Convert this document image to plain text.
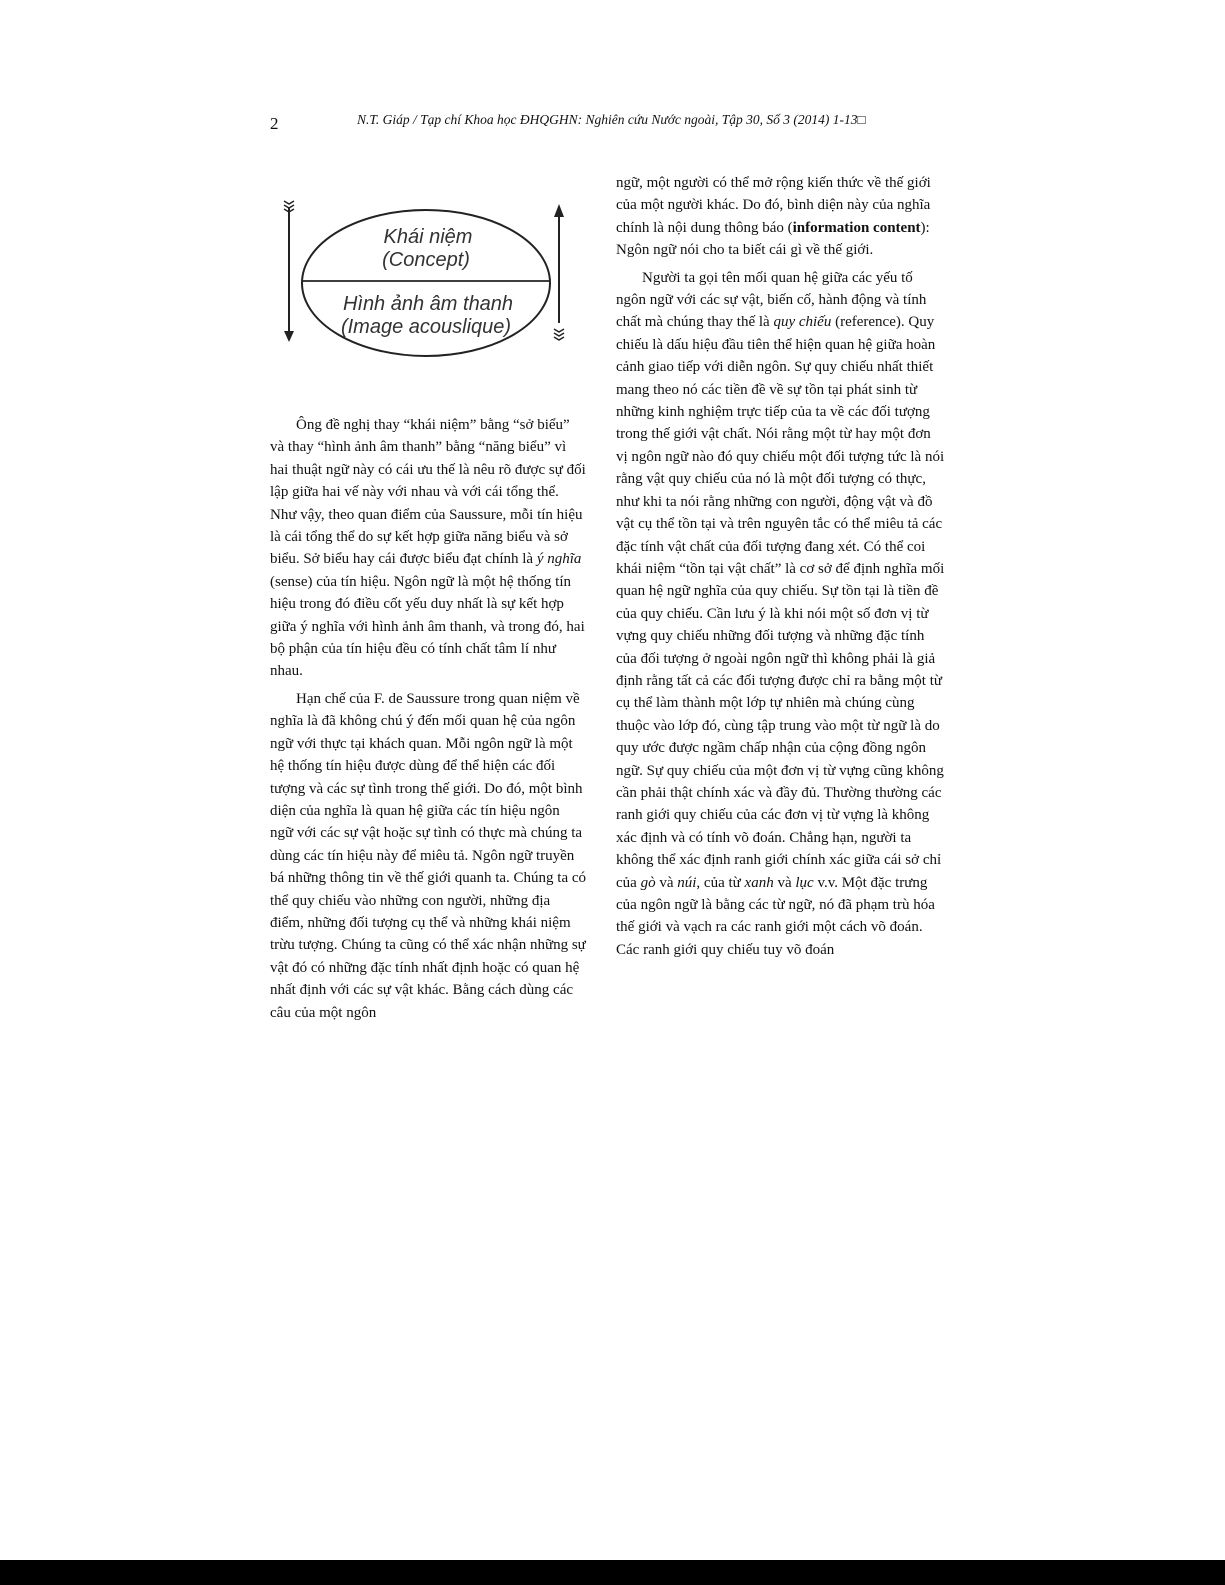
2	N.T. Giáp / Tạp chí Khoa học ĐHQGHN: Nghiên cứu Nước ngoài, Tập 30, Số 3 (2014) 1-13□
Khái niệm
(Concept)
Hình ảnh âm thanh
(Image acouslique)

Ông đề nghị thay “khái niệm” bằng “sở biểu” và thay “hình ảnh âm thanh” bằng “năng biểu” vì hai thuật ngữ này có cái ưu thế là nêu rõ được sự đối lập giữa hai vế này với nhau và với cái tổng thể. Như vậy, theo quan điểm của Saussure, mỗi tín hiệu là cái tổng thể do sự kết hợp giữa năng biểu và sở biểu. Sở biểu hay cái được biểu đạt chính là ý nghĩa (sense) của tín hiệu. Ngôn ngữ là một hệ thống tín hiệu trong đó điều cốt yếu duy nhất là sự kết hợp giữa ý nghĩa với hình ảnh âm thanh, và trong đó, hai bộ phận của tín hiệu đều có tính chất tâm lí như nhau.

Hạn chế của F. de Saussure trong quan niệm về nghĩa là đã không chú ý đến mối quan hệ của ngôn ngữ với thực tại khách quan. Mỗi ngôn ngữ là một hệ thống tín hiệu được dùng để thể hiện các đối tượng và các sự tình trong thế giới. Do đó, một bình diện của nghĩa là quan hệ giữa các tín hiệu ngôn ngữ với các sự vật hoặc sự tình có thực mà chúng ta dùng các tín hiệu này để miêu tả. Ngôn ngữ truyền bá những thông tin về thế giới quanh ta. Chúng ta có thể quy chiếu vào những con người, những địa điểm, những đối tượng cụ thể và những khái niệm trừu tượng. Chúng ta cũng có thể xác nhận những sự vật đó có những đặc tính nhất định hoặc có quan hệ nhất định với các sự vật khác. Bằng cách dùng các câu của một ngôn

ngữ, một người có thể mở rộng kiến thức về thế giới của một người khác. Do đó, bình diện này của nghĩa chính là nội dung thông báo (information content): Ngôn ngữ nói cho ta biết cái gì về thế giới.

Người ta gọi tên mối quan hệ giữa các yếu tố ngôn ngữ với các sự vật, biến cố, hành động và tính chất mà chúng thay thế là quy chiếu (reference). Quy chiếu là dấu hiệu đầu tiên thể hiện quan hệ giữa hoàn cảnh giao tiếp với diễn ngôn. Sự quy chiếu nhất thiết mang theo nó các tiền đề về sự tồn tại phát sinh từ những kinh nghiệm trực tiếp của ta về các đối tượng trong thế giới vật chất. Nói rằng một từ hay một đơn vị ngôn ngữ nào đó quy chiếu một đối tượng tức là nói rằng vật quy chiếu của nó là một đối tượng có thực, như khi ta nói rằng những con người, động vật và đồ vật cụ thể tồn tại và trên nguyên tắc có thể miêu tả các đặc tính vật chất của đối tượng đang xét. Có thể coi khái niệm “tồn tại vật chất” là cơ sở để định nghĩa mối quan hệ ngữ nghĩa của quy chiếu. Sự tồn tại là tiền đề của quy chiếu. Cần lưu ý là khi nói một số đơn vị từ vựng quy chiếu những đối tượng và những đặc tính của đối tượng ở ngoài ngôn ngữ thì không phải là giả định rằng tất cả các đối tượng được chỉ ra bằng một từ cụ thể làm thành một lớp tự nhiên mà chúng cùng thuộc vào lớp đó, cùng tập trung vào một từ ngữ là do quy ước được ngầm chấp nhận của cộng đồng ngôn ngữ. Sự quy chiếu của một đơn vị từ vựng cũng không cần phải thật chính xác và đầy đủ. Thường thường các ranh giới quy chiếu của các đơn vị từ vựng là không xác định và có tính võ đoán. Chẳng hạn, người ta không thể xác định ranh giới chính xác giữa cái sở chỉ của gò và núi, của từ xanh và lục v.v. Một đặc trưng của ngôn ngữ là bằng các từ ngữ, nó đã phạm trù hóa thế giới và vạch ra các ranh giới một cách võ đoán. Các ranh giới quy chiếu tuy võ đoán
